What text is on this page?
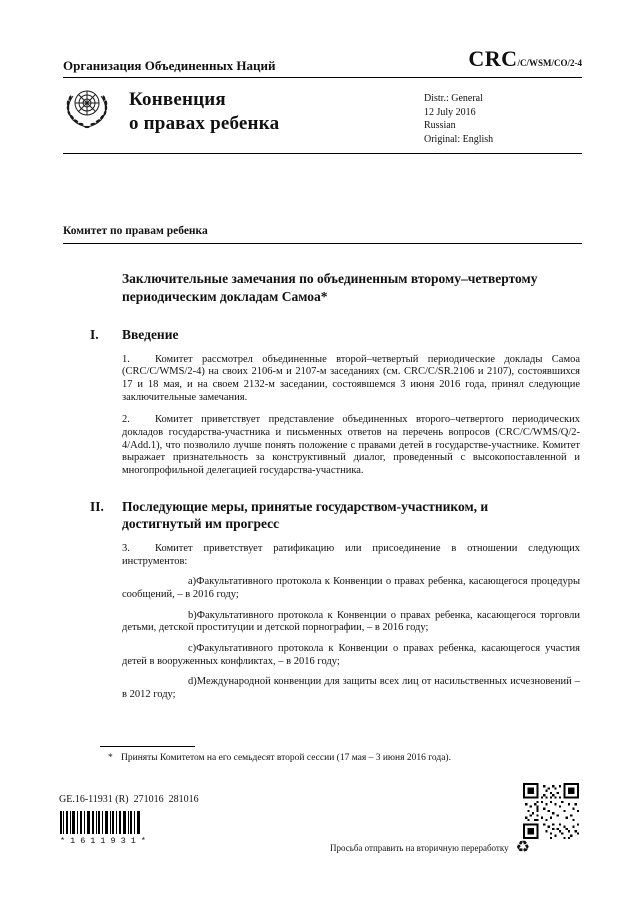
Организация Объединенных Наций	CRC/C/WSM/CO/2-4
Конвенция
о правах ребенка
Distr.: General
12 July 2016
Russian
Original: English
Комитет по правам ребенка
Заключительные замечания по объединенным второму–четвертому периодическим докладам Самоа*
I.	Введение

1. Комитет рассмотрел объединенные второй–четвертый периодические доклады Самоа (CRC/C/WMS/2-4) на своих 2106-м и 2107-м заседаниях (см. CRC/C/SR.2106 и 2107), состоявшихся 17 и 18 мая, и на своем 2132-м заседании, состоявшемся 3 июня 2016 года, принял следующие заключительные замечания.

2. Комитет приветствует представление объединенных второго–четвертого периодических докладов государства-участника и письменных ответов на перечень вопросов (CRC/C/WMS/Q/2-4/Add.1), что позволило лучше понять положение с правами детей в государстве-участнике. Комитет выражает признательность за конструктивный диалог, проведенный с высокопоставленной и многопрофильной делегацией государства-участника.

II.	Последующие меры, принятые государством-участником, и достигнутый им прогресс

3. Комитет приветствует ратификацию или присоединение в отношении следующих инструментов:

a)Факультативного протокола к Конвенции о правах ребенка, касающегося процедуры сообщений, – в 2016 году;

b)Факультативного протокола к Конвенции о правах ребенка, касающегося торговли детьми, детской проституции и детской порнографии, – в 2016 году;

c)Факультативного протокола к Конвенции о правах ребенка, касающегося участия детей в вооруженных конфликтах, – в 2016 году;

d)Международной конвенции для защиты всех лиц от насильственных исчезновений – в 2012 году;

* Приняты Комитетом на его семьдесят второй сессии (17 мая – 3 июня 2016 года).
GE.16-11931 (R)  271016  281016
*1611931*
Просьба отправить на вторичную переработку ♻
